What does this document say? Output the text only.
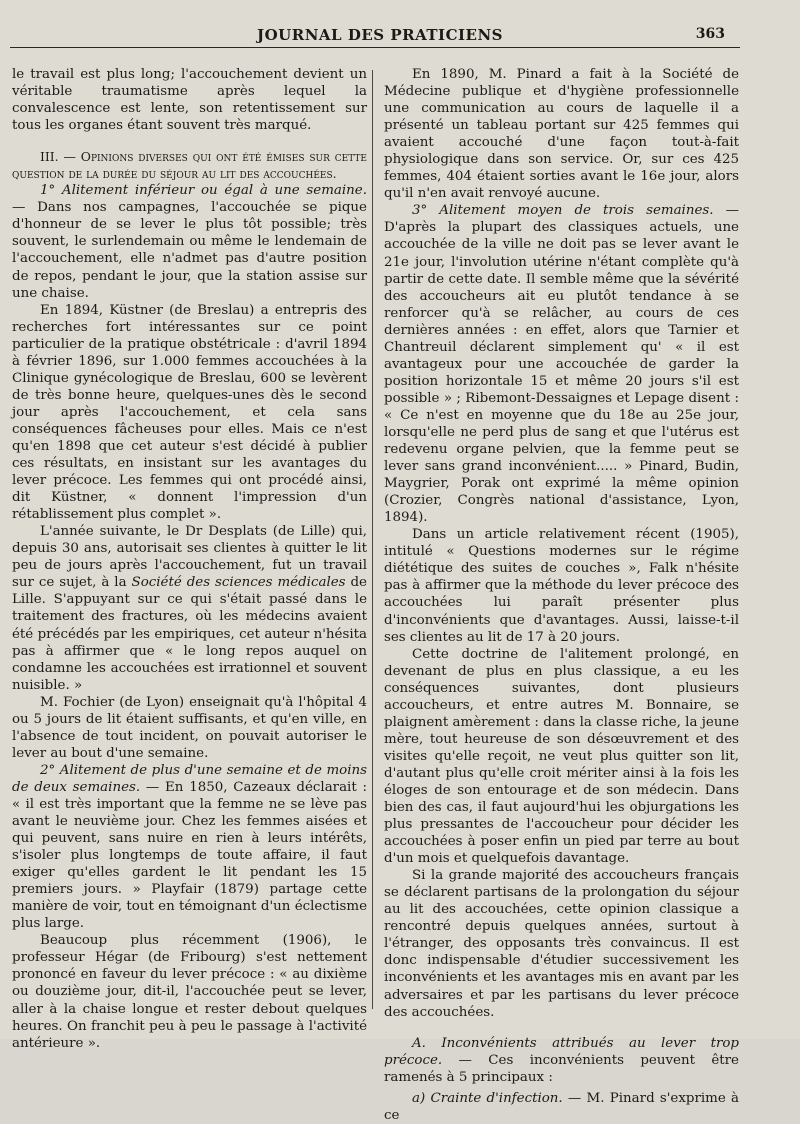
JOURNAL DES PRATICIENS	363

le travail est plus long; l'accouchement devient un véritable traumatisme après lequel la convalescence est lente, son retentissement sur tous les organes étant souvent très marqué.

III. — Opinions diverses qui ont été émises sur cette question de la durée du séjour au lit des accouchées.

1° Alitement inférieur ou égal à une semaine. — Dans nos campagnes, l'accouchée se pique d'honneur de se lever le plus tôt possible; très souvent, le surlendemain ou même le lendemain de l'accouchement, elle n'admet pas d'autre position de repos, pendant le jour, que la station assise sur une chaise.

En 1894, Küstner (de Breslau) a entrepris des recherches fort intéressantes sur ce point particulier de la pratique obstétricale : d'avril 1894 à février 1896, sur 1.000 femmes accouchées à la Clinique gynécologique de Breslau, 600 se levèrent de très bonne heure, quelques-unes dès le second jour après l'accouchement, et cela sans conséquences fâcheuses pour elles. Mais ce n'est qu'en 1898 que cet auteur s'est décidé à publier ces résultats, en insistant sur les avantages du lever précoce. Les femmes qui ont procédé ainsi, dit Küstner, « donnent l'impression d'un rétablissement plus complet ».

L'année suivante, le Dr Desplats (de Lille) qui, depuis 30 ans, autorisait ses clientes à quitter le lit peu de jours après l'accouchement, fut un travail sur ce sujet, à la Société des sciences médicales de Lille. S'appuyant sur ce qui s'était passé dans le traitement des fractures, où les médecins avaient été précédés par les empiriques, cet auteur n'hésita pas à affirmer que « le long repos auquel on condamne les accouchées est irrationnel et souvent nuisible. »

M. Fochier (de Lyon) enseignait qu'à l'hôpital 4 ou 5 jours de lit étaient suffisants, et qu'en ville, en l'absence de tout incident, on pouvait autoriser le lever au bout d'une semaine.

2° Alitement de plus d'une semaine et de moins de deux semaines. — En 1850, Cazeaux déclarait : « il est très important que la femme ne se lève pas avant le neuvième jour. Chez les femmes aisées et qui peuvent, sans nuire en rien à leurs intérêts, s'isoler plus longtemps de toute affaire, il faut exiger qu'elles gardent le lit pendant les 15 premiers jours. » Playfair (1879) partage cette manière de voir, tout en témoignant d'un éclectisme plus large.

Beaucoup plus récemment (1906), le professeur Hégar (de Fribourg) s'est nettement prononcé en faveur du lever précoce : « au dixième ou douzième jour, dit-il, l'accouchée peut se lever, aller à la chaise longue et rester debout quelques heures. On franchit peu à peu le passage à l'activité antérieure ».

En 1890, M. Pinard a fait à la Société de Médecine publique et d'hygiène professionnelle une communication au cours de laquelle il a présenté un tableau portant sur 425 femmes qui avaient accouché d'une façon tout-à-fait physiologique dans son service. Or, sur ces 425 femmes, 404 étaient sorties avant le 16e jour, alors qu'il n'en avait renvoyé aucune.

3° Alitement moyen de trois semaines. — D'après la plupart des classiques actuels, une accouchée de la ville ne doit pas se lever avant le 21e jour, l'involution utérine n'étant complète qu'à partir de cette date. Il semble même que la sévérité des accoucheurs ait eu plutôt tendance à se renforcer qu'à se relâcher, au cours de ces dernières années : en effet, alors que Tarnier et Chantreuil déclarent simplement qu' « il est avantageux pour une accouchée de garder la position horizontale 15 et même 20 jours s'il est possible » ; Ribemont-Dessaignes et Lepage disent : « Ce n'est en moyenne que du 18e au 25e jour, lorsqu'elle ne perd plus de sang et que l'utérus est redevenu organe pelvien, que la femme peut se lever sans grand inconvénient..... » Pinard, Budin, Maygrier, Porak ont exprimé la même opinion (Crozier, Congrès national d'assistance, Lyon, 1894).

Dans un article relativement récent (1905), intitulé « Questions modernes sur le régime diététique des suites de couches », Falk n'hésite pas à affirmer que la méthode du lever précoce des accouchées lui paraît présenter plus d'inconvénients que d'avantages. Aussi, laisse-t-il ses clientes au lit de 17 à 20 jours.

Cette doctrine de l'alitement prolongé, en devenant de plus en plus classique, a eu les conséquences suivantes, dont plusieurs accoucheurs, et entre autres M. Bonnaire, se plaignent amèrement : dans la classe riche, la jeune mère, tout heureuse de son désœuvrement et des visites qu'elle reçoit, ne veut plus quitter son lit, d'autant plus qu'elle croit mériter ainsi à la fois les éloges de son entourage et de son médecin. Dans bien des cas, il faut aujourd'hui les objurgations les plus pressantes de l'accoucheur pour décider les accouchées à poser enfin un pied par terre au bout d'un mois et quelquefois davantage.

Si la grande majorité des accoucheurs français se déclarent partisans de la prolongation du séjour au lit des accouchées, cette opinion classique a rencontré depuis quelques années, surtout à l'étranger, des opposants très convaincus. Il est donc indispensable d'étudier successivement les inconvénients et les avantages mis en avant par les adversaires et par les partisans du lever précoce des accouchées.

A. Inconvénients attribués au lever trop précoce. — Ces inconvénients peuvent être ramenés à 5 principaux :

a) Crainte d'infection. — M. Pinard s'exprime à ce
